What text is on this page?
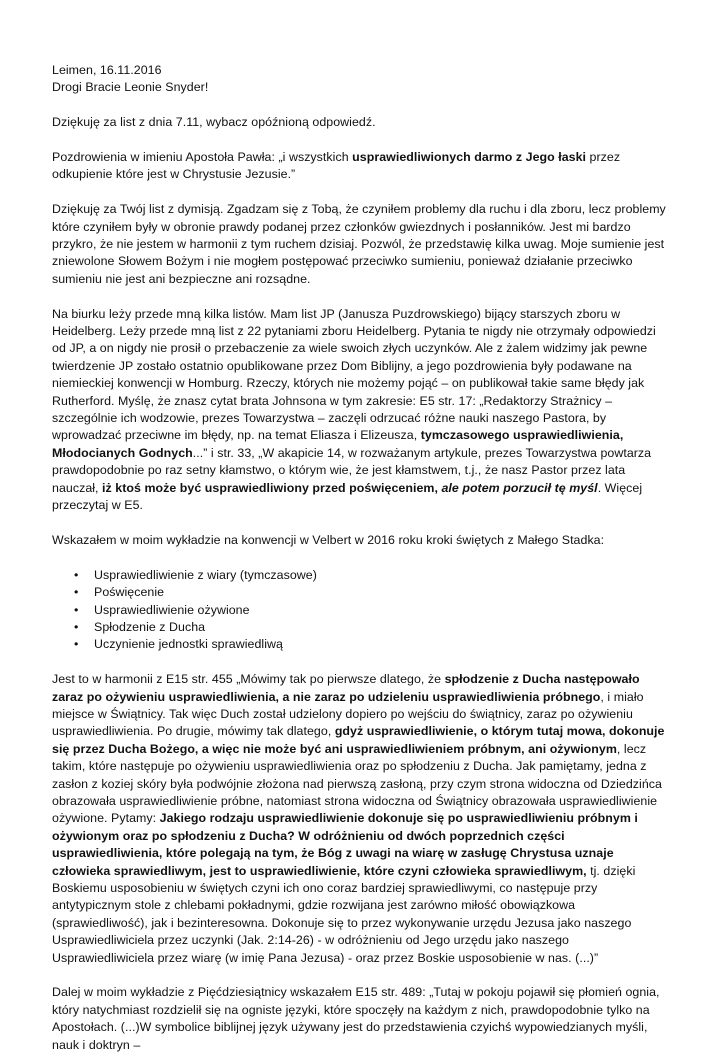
Leimen, 16.11.2016

Drogi Bracie Leonie Snyder!

Dziękuję za list z dnia 7.11, wybacz opóźnioną odpowiedź.

Pozdrowienia w imieniu Apostoła Pawła: „i wszystkich usprawiedliwionych darmo z Jego łaski przez odkupienie które jest w Chrystusie Jezusie.”

Dziękuję za Twój list z dymisją. Zgadzam się z Tobą, że czyniłem problemy dla ruchu i dla zboru, lecz problemy które czyniłem były w obronie prawdy podanej przez członków gwiezdnych i posłanników. Jest mi bardzo przykro, że nie jestem w harmonii z tym ruchem dzisiaj. Pozwól, że przedstawię kilka uwag. Moje sumienie jest zniewolone Słowem Bożym i nie mogłem postępować przeciwko sumieniu, ponieważ działanie przeciwko sumieniu nie jest ani bezpieczne ani rozsądne.

Na biurku leży przede mną kilka listów. Mam list JP (Janusza Puzdrowskiego) bijący starszych zboru w Heidelberg. Leży przede mną list z 22 pytaniami zboru Heidelberg. Pytania te nigdy nie otrzymały odpowiedzi od JP, a on nigdy nie prosił o przebaczenie za wiele swoich złych uczynków. Ale z żalem widzimy jak pewne twierdzenie JP zostało ostatnio opublikowane przez Dom Biblijny, a jego pozdrowienia były podawane na niemieckiej konwencji w Homburg. Rzeczy, których nie możemy pojąć – on publikował takie same błędy jak Rutherford. Myślę, że znasz cytat brata Johnsona w tym zakresie: E5 str. 17: „Redaktorzy Strażnicy – szczególnie ich wodzowie, prezes Towarzystwa – zaczęli odrzucać różne nauki naszego Pastora, by wprowadzać przeciwne im błędy, np. na temat Eliasza i Elizeusza, tymczasowego usprawiedliwienia, Młodocianych Godnych...” i str. 33, „W akapicie 14, w rozważanym artykule, prezes Towarzystwa powtarza prawdopodobnie po raz setny kłamstwo, o którym wie, że jest kłamstwem, t.j., że nasz Pastor przez lata nauczał, iż ktoś może być usprawiedliwiony przed poświęceniem, ale potem porzucił tę myśl. Więcej przeczytaj w E5.

Wskazałem w moim wykładzie na konwencji w Velbert w 2016 roku kroki świętych z Małego Stadka:

• Usprawiedliwienie z wiary (tymczasowe)
• Poświęcenie
• Usprawiedliwienie ożywione
• Spłodzenie z Ducha
• Uczynienie jednostki sprawiedliwą

Jest to w harmonii z E15 str. 455 „Mówimy tak po pierwsze dlatego, że spłodzenie z Ducha następowało zaraz po ożywieniu usprawiedliwienia, a nie zaraz po udzieleniu usprawiedliwienia próbnego, i miało miejsce w Świątnicy. Tak więc Duch został udzielony dopiero po wejściu do świątnicy, zaraz po ożywieniu usprawiedliwienia. Po drugie, mówimy tak dlatego, gdyż usprawiedliwienie, o którym tutaj mowa, dokonuje się przez Ducha Bożego, a więc nie może być ani usprawiedliwieniem próbnym, ani ożywionym, lecz takim, które następuje po ożywieniu usprawiedliwienia oraz po spłodzeniu z Ducha. Jak pamiętamy, jedna z zasłon z koziej skóry była podwójnie złożona nad pierwszą zasłoną, przy czym strona widoczna od Dziedzińca obrazowała usprawiedliwienie próbne, natomiast strona widoczna od Świątnicy obrazowała usprawiedliwienie ożywione. Pytamy: Jakiego rodzaju usprawiedliwienie dokonuje się po usprawiedliwieniu próbnym i ożywionym oraz po spłodzeniu z Ducha? W odróżnieniu od dwóch poprzednich części usprawiedliwienia, które polegają na tym, że Bóg z uwagi na wiarę w zasługę Chrystusa uznaje człowieka sprawiedliwym, jest to usprawiedliwienie, które czyni człowieka sprawiedliwym, tj. dzięki Boskiemu usposobieniu w świętych czyni ich ono coraz bardziej sprawiedliwymi, co następuje przy antytypicznym stole z chlebami pokładnymi, gdzie rozwijana jest zarówno miłość obowiązkowa (sprawiedliwość), jak i bezinteresowna. Dokonuje się to przez wykonywanie urzędu Jezusa jako naszego Usprawiedliwiciela przez uczynki (Jak. 2:14-26) - w odróżnieniu od Jego urzędu jako naszego Usprawiedliwiciela przez wiarę (w imię Pana Jezusa) - oraz przez Boskie usposobienie w nas. (...)”

Dalej w moim wykładzie z Pięćdziesiątnicy wskazałem E15 str. 489: „Tutaj w pokoju pojawił się płomień ognia, który natychmiast rozdzielił się na ogniste języki, które spoczęły na każdym z nich, prawdopodobnie tylko na Apostołach. (...)W symbolice biblijnej język używany jest do przedstawienia czyichś wypowiedzianych myśli, nauk i doktryn –
